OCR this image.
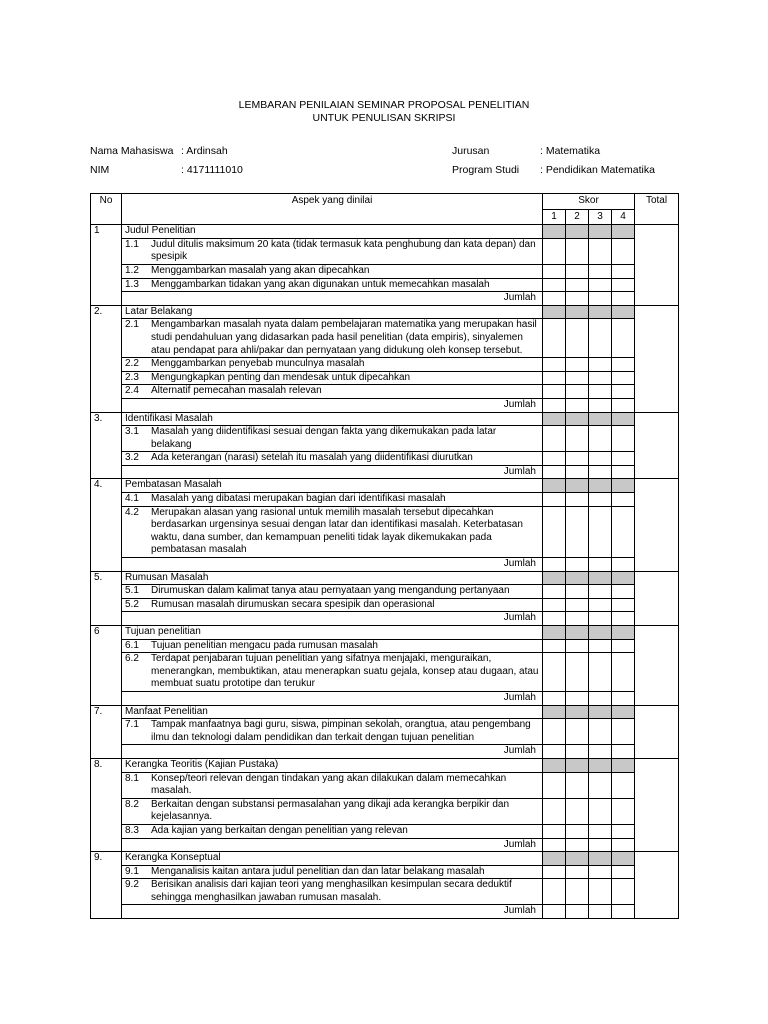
LEMBARAN PENILAIAN SEMINAR PROPOSAL PENELITIAN
UNTUK PENULISAN SKRIPSI
Nama Mahasiswa : Ardinsah
NIM	: 4171111010
Jurusan	: Matematika
Program Studi : Pendidikan Matematika
No	Aspek yang dinilai	Skor				Total
		1	2	3	4	
1	Judul Penelitian					

	1.1 Judul ditulis maksimum 20 kata (tidak termasuk kata penghubung dan kata depan) dan spesipik					

	1.2 Menggambarkan masalah yang akan dipecahkan					

	1.3 Menggambarkan tidakan yang akan digunakan untuk memecahkan masalah					

	Jumlah					
2.	Latar Belakang					

	2.1 Mengambarkan masalah nyata dalam pembelajaran matematika yang merupakan hasil studi pendahuluan yang didasarkan pada hasil penelitian (data empiris), sinyalemen atau pendapat para ahli/pakar dan pernyataan yang didukung oleh konsep tersebut.					

	2.2 Menggambarkan penyebab munculnya masalah					

	2.3 Mengungkapkan penting dan mendesak untuk dipecahkan					

	2.4 Alternatif pemecahan masalah relevan					

	Jumlah					
3.	Identifikasi Masalah					

	3.1 Masalah yang diidentifikasi sesuai dengan fakta yang dikemukakan pada latar belakang					

	3.2 Ada keterangan (narasi) setelah itu masalah yang diidentifikasi diurutkan					

	Jumlah					
4.	Pembatasan Masalah					

	4.1 Masalah yang dibatasi merupakan bagian dari identifikasi masalah					

	4.2 Merupakan alasan yang rasional untuk memilih masalah tersebut dipecahkan berdasarkan urgensinya sesuai dengan latar dan identifikasi masalah. Keterbatasan waktu, dana sumber, dan kemampuan peneliti tidak layak dikemukakan pada pembatasan masalah					

	Jumlah					
5.	Rumusan Masalah					

	5.1 Dirumuskan dalam kalimat tanya atau pernyataan yang mengandung pertanyaan					

	5.2 Rumusan masalah dirumuskan secara spesipik dan operasional					

	Jumlah					
6	Tujuan penelitian					

	6.1 Tujuan penelitian mengacu pada rumusan masalah					

	6.2 Terdapat penjabaran tujuan penelitian yang sifatnya menjajaki, menguraikan, menerangkan, membuktikan, atau menerapkan suatu gejala, konsep atau dugaan, atau membuat suatu prototipe dan terukur					

	Jumlah					
7.	Manfaat Penelitian					

	7.1 Tampak manfaatnya bagi guru, siswa, pimpinan sekolah, orangtua, atau pengembang ilmu dan teknologi dalam pendidikan dan terkait dengan tujuan penelitian					

	Jumlah					
8.	Kerangka Teoritis (Kajian Pustaka)					

	8.1 Konsep/teori relevan dengan tindakan yang akan dilakukan dalam memecahkan masalah.					

	8.2 Berkaitan dengan substansi permasalahan yang dikaji ada kerangka berpikir dan kejelasannya.					

	8.3 Ada kajian yang berkaitan dengan penelitian yang relevan					

	Jumlah					
9.	Kerangka Konseptual					

	9.1 Menganalisis kaitan antara judul penelitian dan dan latar belakang masalah					

	9.2 Berisikan analisis dari kajian teori yang menghasilkan kesimpulan secara deduktif sehingga menghasilkan jawaban rumusan masalah.					

	Jumlah					
